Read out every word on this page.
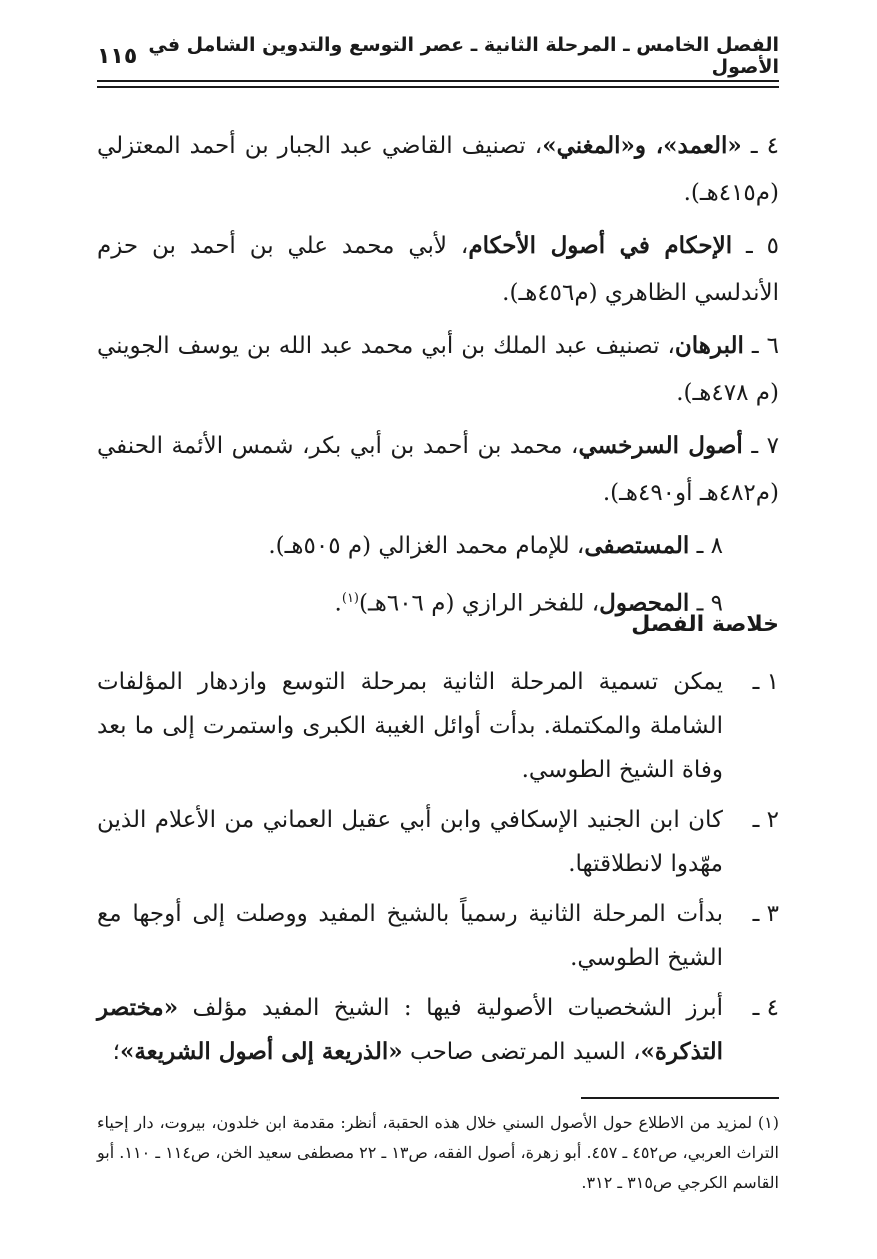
الفصل الخامس ـ المرحلة الثانية ـ عصر التوسع والتدوين الشامل في الأصول
١١٥

٤ ـ «العمد»، و«المغني»، تصنيف القاضي عبد الجبار بن أحمد المعتزلي (م٤١٥هـ).

٥ ـ الإحكام في أصول الأحكام، لأبي محمد علي بن أحمد بن حزم الأندلسي الظاهري (م٤٥٦هـ).

٦ ـ البرهان، تصنيف عبد الملك بن أبي محمد عبد الله بن يوسف الجويني (م ٤٧٨هـ).

٧ ـ أصول السرخسي، محمد بن أحمد بن أبي بكر، شمس الأئمة الحنفي (م٤٨٢هـ أو٤٩٠هـ).

٨ ـ المستصفى، للإمام محمد الغزالي (م ٥٠٥هـ).

٩ ـ المحصول، للفخر الرازي (م ٦٠٦هـ)$^{(١)}$.

خلاصة الفصل
١ ـ
يمكن تسمية المرحلة الثانية بمرحلة التوسع وازدهار المؤلفات الشاملة والمكتملة. بدأت أوائل الغيبة الكبرى واستمرت إلى ما بعد وفاة الشيخ الطوسي.
٢ ـ
كان ابن الجنيد الإسكافي وابن أبي عقيل العماني من الأعلام الذين مهّدوا لانطلاقتها.
٣ ـ
بدأت المرحلة الثانية رسمياً بالشيخ المفيد ووصلت إلى أوجها مع الشيخ الطوسي.
٤ ـ
أبرز الشخصيات الأصولية فيها : الشيخ المفيد مؤلف «مختصر التذكرة»، السيد المرتضى صاحب «الذريعة إلى أصول الشريعة»؛
(١) لمزيد من الاطلاع حول الأصول السني خلال هذه الحقبة، أنظر: مقدمة ابن خلدون، بيروت، دار إحياء التراث العربي، ص٤٥٢ ـ ٤٥٧. أبو زهرة، أصول الفقه، ص١٣ ـ ٢٢ مصطفى سعيد الخن، ص١١٤ ـ ١١٠. أبو القاسم الكرجي ص٣١٥ ـ ٣١٢.
